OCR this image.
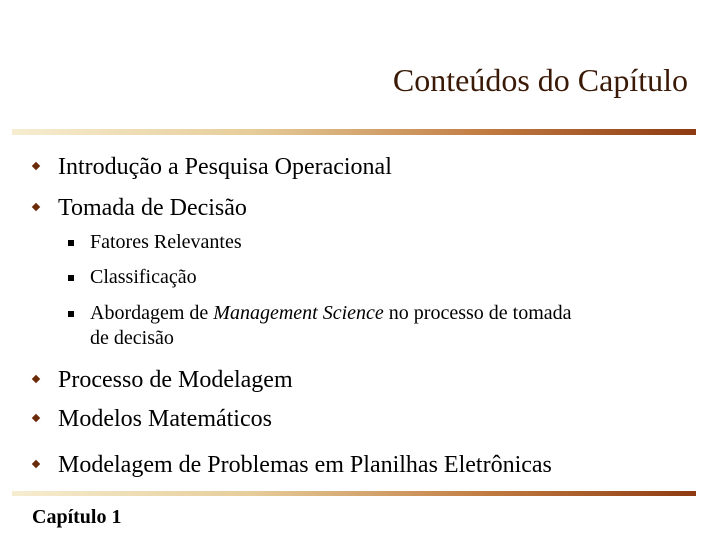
Conteúdos do Capítulo
Introdução a Pesquisa Operacional
Tomada de Decisão
Fatores Relevantes
Classificação
Abordagem de Management Science no processo de tomada
de decisão
Processo de Modelagem
Modelos Matemáticos
Modelagem de Problemas em Planilhas Eletrônicas
Capítulo 1
